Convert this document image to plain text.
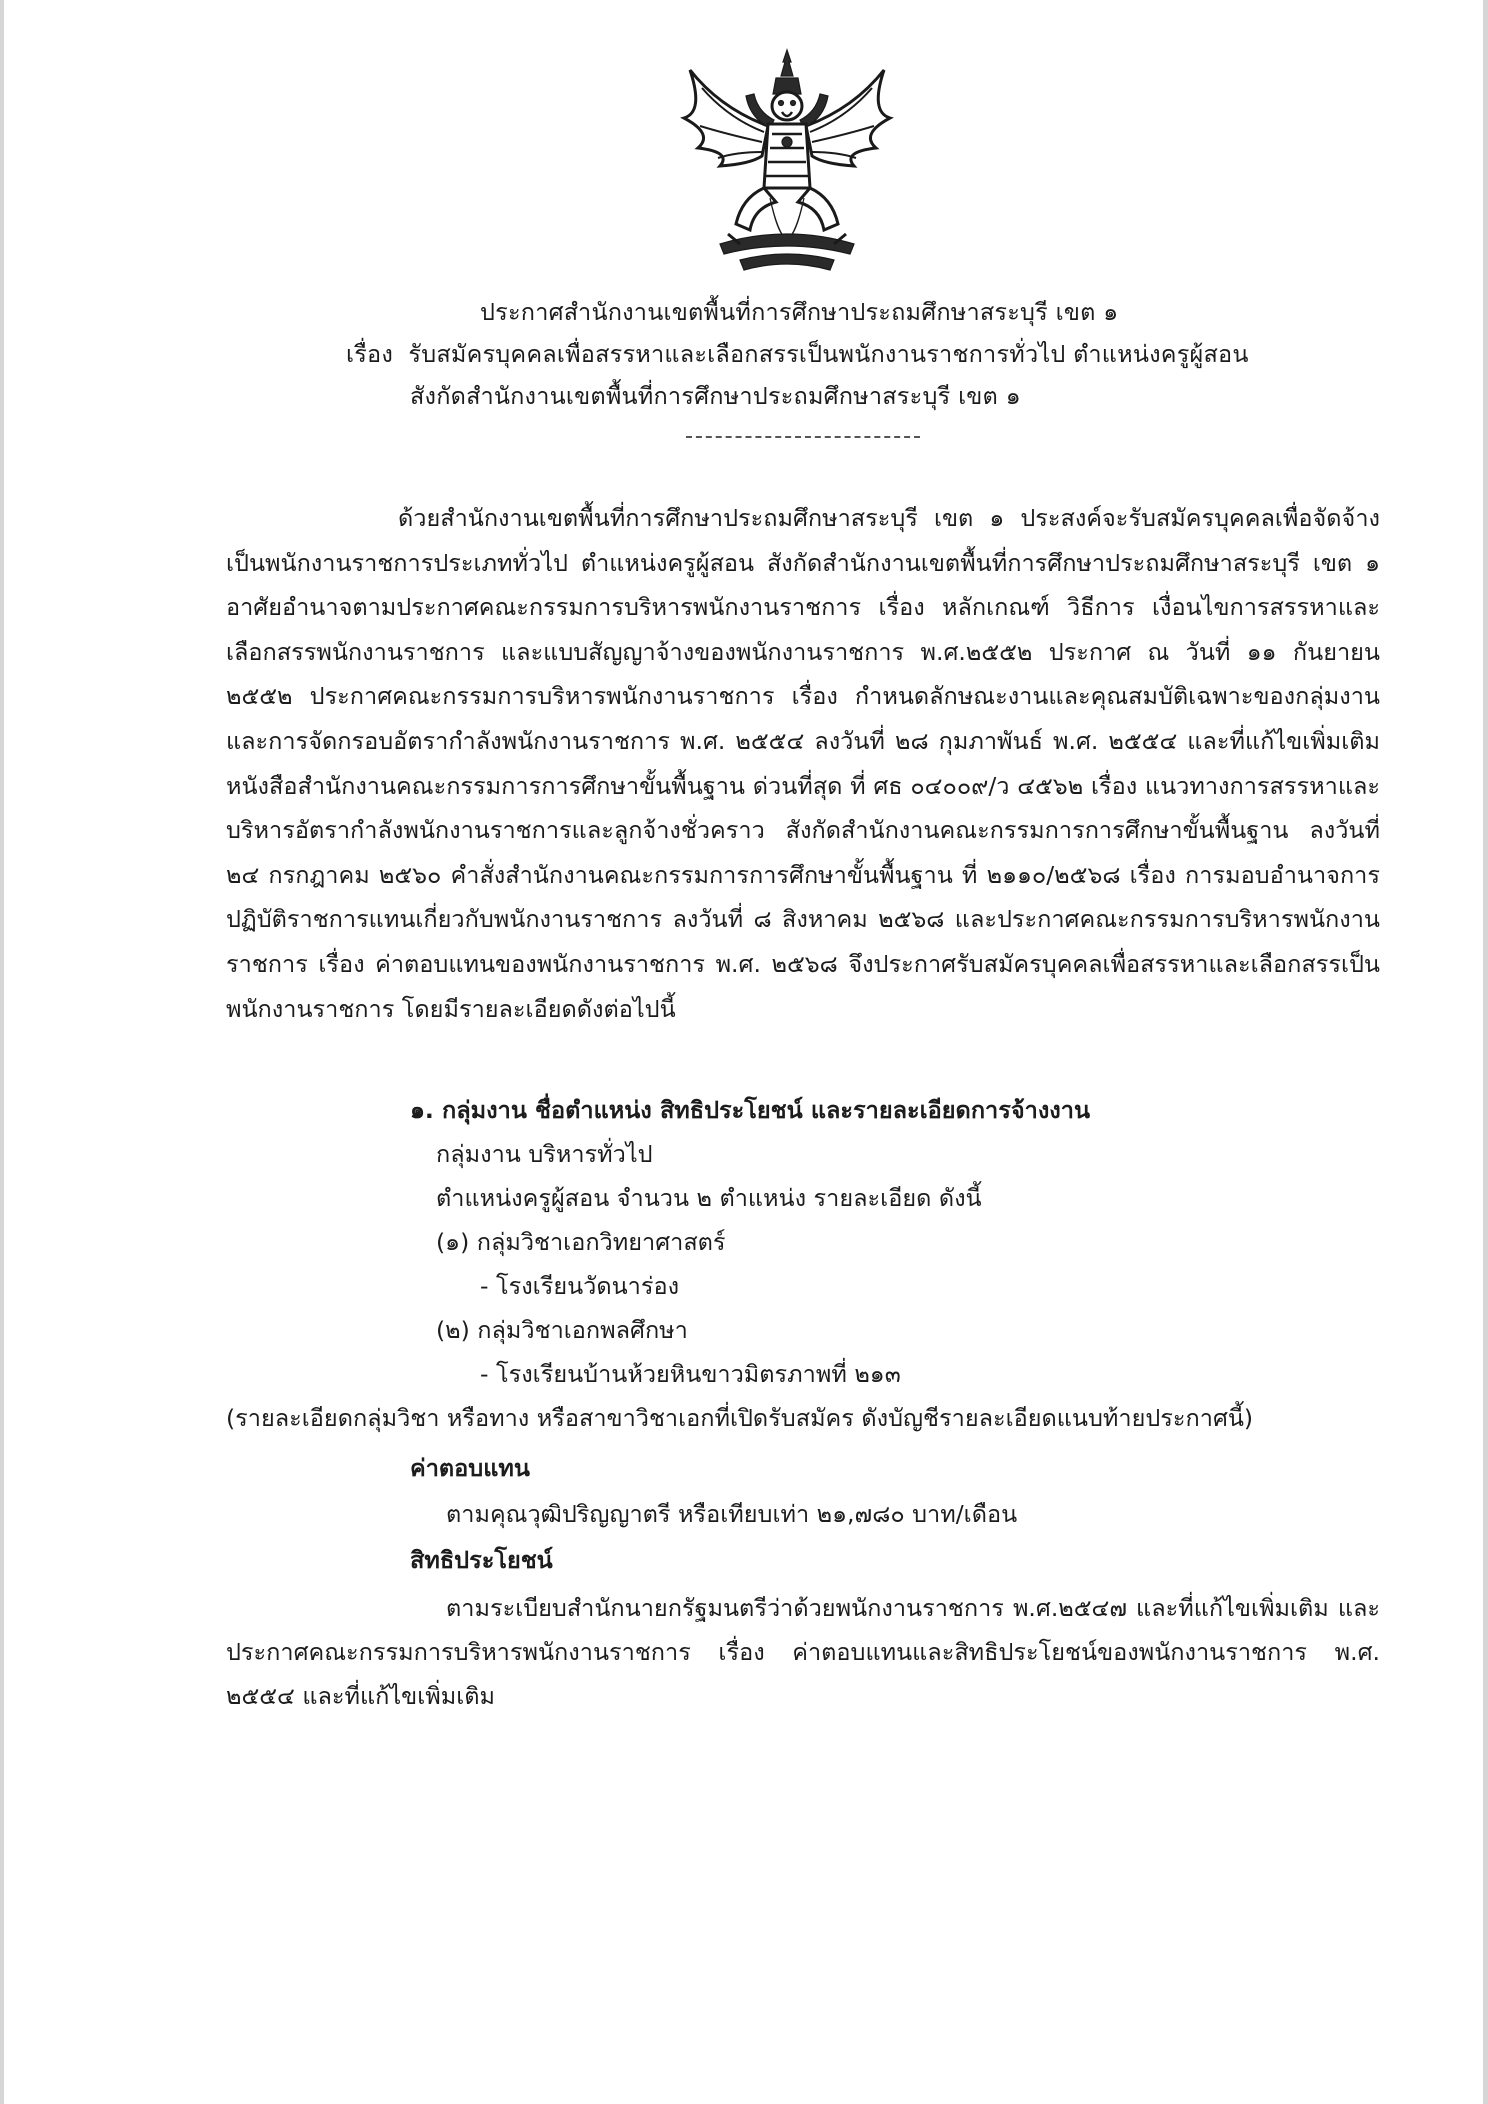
ประกาศสำนักงานเขตพื้นที่การศึกษาประถมศึกษาสระบุรี เขต ๑
เรื่อง รับสมัครบุคคลเพื่อสรรหาและเลือกสรรเป็นพนักงานราชการทั่วไป ตำแหน่งครูผู้สอน
สังกัดสำนักงานเขตพื้นที่การศึกษาประถมศึกษาสระบุรี เขต ๑

ด้วยสำนักงานเขตพื้นที่การศึกษาประถมศึกษาสระบุรี เขต ๑ ประสงค์จะรับสมัครบุคคลเพื่อจัดจ้างเป็นพนักงานราชการประเภททั่วไป ตำแหน่งครูผู้สอน สังกัดสำนักงานเขตพื้นที่การศึกษาประถมศึกษาสระบุรี เขต ๑ อาศัยอำนาจตามประกาศคณะกรรมการบริหารพนักงานราชการ เรื่อง หลักเกณฑ์ วิธีการ เงื่อนไขการสรรหาและเลือกสรรพนักงานราชการ และแบบสัญญาจ้างของพนักงานราชการ พ.ศ.๒๕๕๒ ประกาศ ณ วันที่ ๑๑ กันยายน ๒๕๕๒ ประกาศคณะกรรมการบริหารพนักงานราชการ เรื่อง กำหนดลักษณะงานและคุณสมบัติเฉพาะของกลุ่มงาน และการจัดกรอบอัตรากำลังพนักงานราชการ พ.ศ. ๒๕๕๔ ลงวันที่ ๒๘ กุมภาพันธ์ พ.ศ. ๒๕๕๔ และที่แก้ไขเพิ่มเติม หนังสือสำนักงานคณะกรรมการการศึกษาขั้นพื้นฐาน ด่วนที่สุด ที่ ศธ ๐๔๐๐๙/ว ๔๕๖๒ เรื่อง แนวทางการสรรหาและบริหารอัตรากำลังพนักงานราชการและลูกจ้างชั่วคราว สังกัดสำนักงานคณะกรรมการการศึกษาขั้นพื้นฐาน ลงวันที่ ๒๔ กรกฎาคม ๒๕๖๐ คำสั่งสำนักงานคณะกรรมการการศึกษาขั้นพื้นฐาน ที่ ๒๑๑๐/๒๕๖๘ เรื่อง การมอบอำนาจการปฏิบัติราชการแทนเกี่ยวกับพนักงานราชการ ลงวันที่ ๘ สิงหาคม ๒๕๖๘ และประกาศคณะกรรมการบริหารพนักงานราชการ เรื่อง ค่าตอบแทนของพนักงานราชการ พ.ศ. ๒๕๖๘ จึงประกาศรับสมัครบุคคลเพื่อสรรหาและเลือกสรรเป็นพนักงานราชการ โดยมีรายละเอียดดังต่อไปนี้

๑. กลุ่มงาน ชื่อตำแหน่ง สิทธิประโยชน์ และรายละเอียดการจ้างงาน
กลุ่มงาน บริหารทั่วไป
ตำแหน่งครูผู้สอน จำนวน ๒ ตำแหน่ง รายละเอียด ดังนี้
(๑) กลุ่มวิชาเอกวิทยาศาสตร์
- โรงเรียนวัดนาร่อง
(๒) กลุ่มวิชาเอกพลศึกษา
- โรงเรียนบ้านห้วยหินขาวมิตรภาพที่ ๒๑๓
(รายละเอียดกลุ่มวิชา หรือทาง หรือสาขาวิชาเอกที่เปิดรับสมัคร ดังบัญชีรายละเอียดแนบท้ายประกาศนี้)
ค่าตอบแทน
ตามคุณวุฒิปริญญาตรี หรือเทียบเท่า ๒๑,๗๘๐ บาท/เดือน
สิทธิประโยชน์

ตามระเบียบสำนักนายกรัฐมนตรีว่าด้วยพนักงานราชการ พ.ศ.๒๕๔๗ และที่แก้ไขเพิ่มเติม และประกาศคณะกรรมการบริหารพนักงานราชการ เรื่อง ค่าตอบแทนและสิทธิประโยชน์ของพนักงานราชการ พ.ศ. ๒๕๕๔ และที่แก้ไขเพิ่มเติม
